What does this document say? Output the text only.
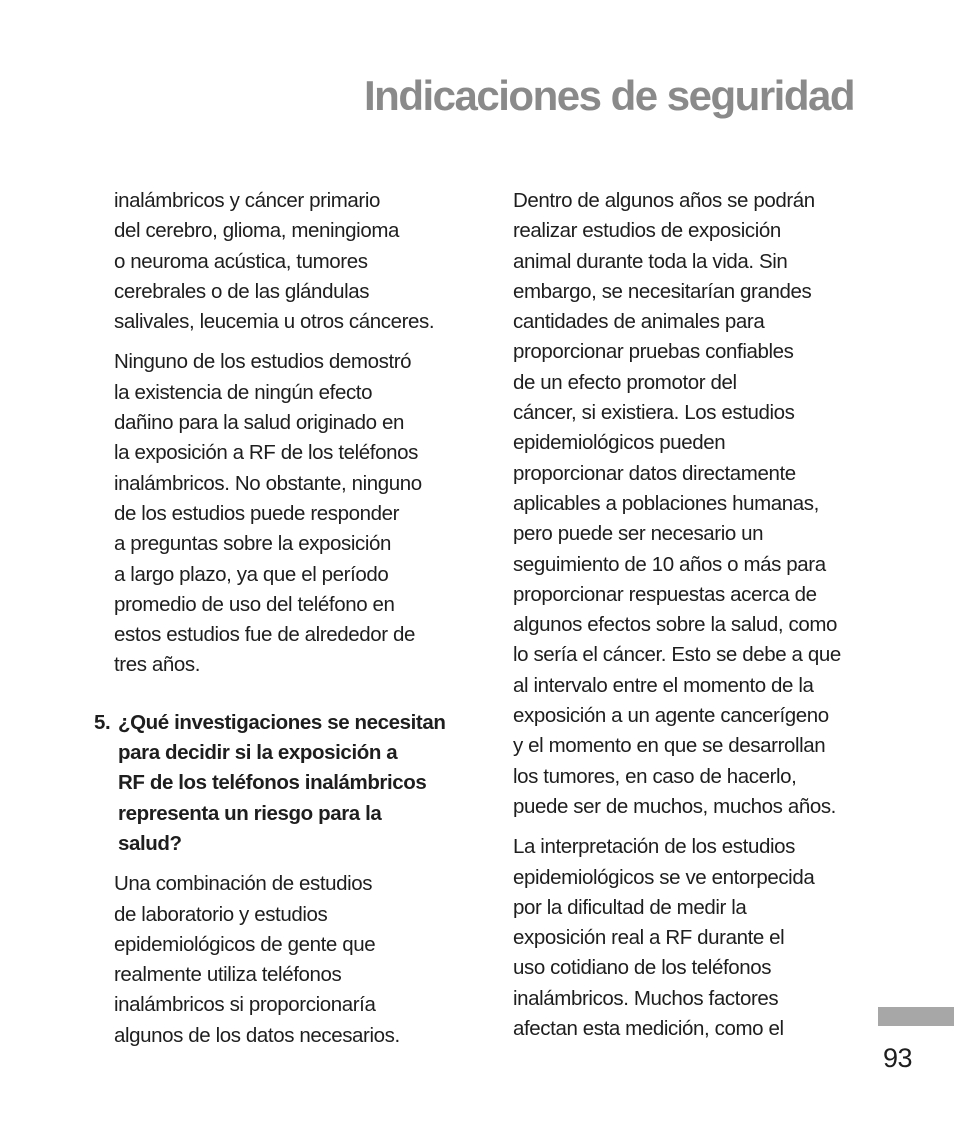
Indicaciones de seguridad

inalámbricos y cáncer primario
del cerebro, glioma, meningioma
o neuroma acústica, tumores
cerebrales o de las glándulas
salivales, leucemia u otros cánceres.

Ninguno de los estudios demostró
la existencia de ningún efecto
dañino para la salud originado en
la exposición a RF de los teléfonos
inalámbricos. No obstante, ninguno
de los estudios puede responder
a preguntas sobre la exposición
a largo plazo, ya que el período
promedio de uso del teléfono en
estos estudios fue de alrededor de
tres años.

5. ¿Qué investigaciones se necesitan
para decidir si la exposición a
RF de los teléfonos inalámbricos
representa un riesgo para la
salud?

Una combinación de estudios
de laboratorio y estudios
epidemiológicos de gente que
realmente utiliza teléfonos
inalámbricos si proporcionaría
algunos de los datos necesarios.

Dentro de algunos años se podrán
realizar estudios de exposición
animal durante toda la vida. Sin
embargo, se necesitarían grandes
cantidades de animales para
proporcionar pruebas confiables
de un efecto promotor del
cáncer, si existiera. Los estudios
epidemiológicos pueden
proporcionar datos directamente
aplicables a poblaciones humanas,
pero puede ser necesario un
seguimiento de 10 años o más para
proporcionar respuestas acerca de
algunos efectos sobre la salud, como
lo sería el cáncer. Esto se debe a que
al intervalo entre el momento de la
exposición a un agente cancerígeno
y el momento en que se desarrollan
los tumores, en caso de hacerlo,
puede ser de muchos, muchos años.

La interpretación de los estudios
epidemiológicos se ve entorpecida
por la dificultad de medir la
exposición real a RF durante el
uso cotidiano de los teléfonos
inalámbricos. Muchos factores
afectan esta medición, como el

93
